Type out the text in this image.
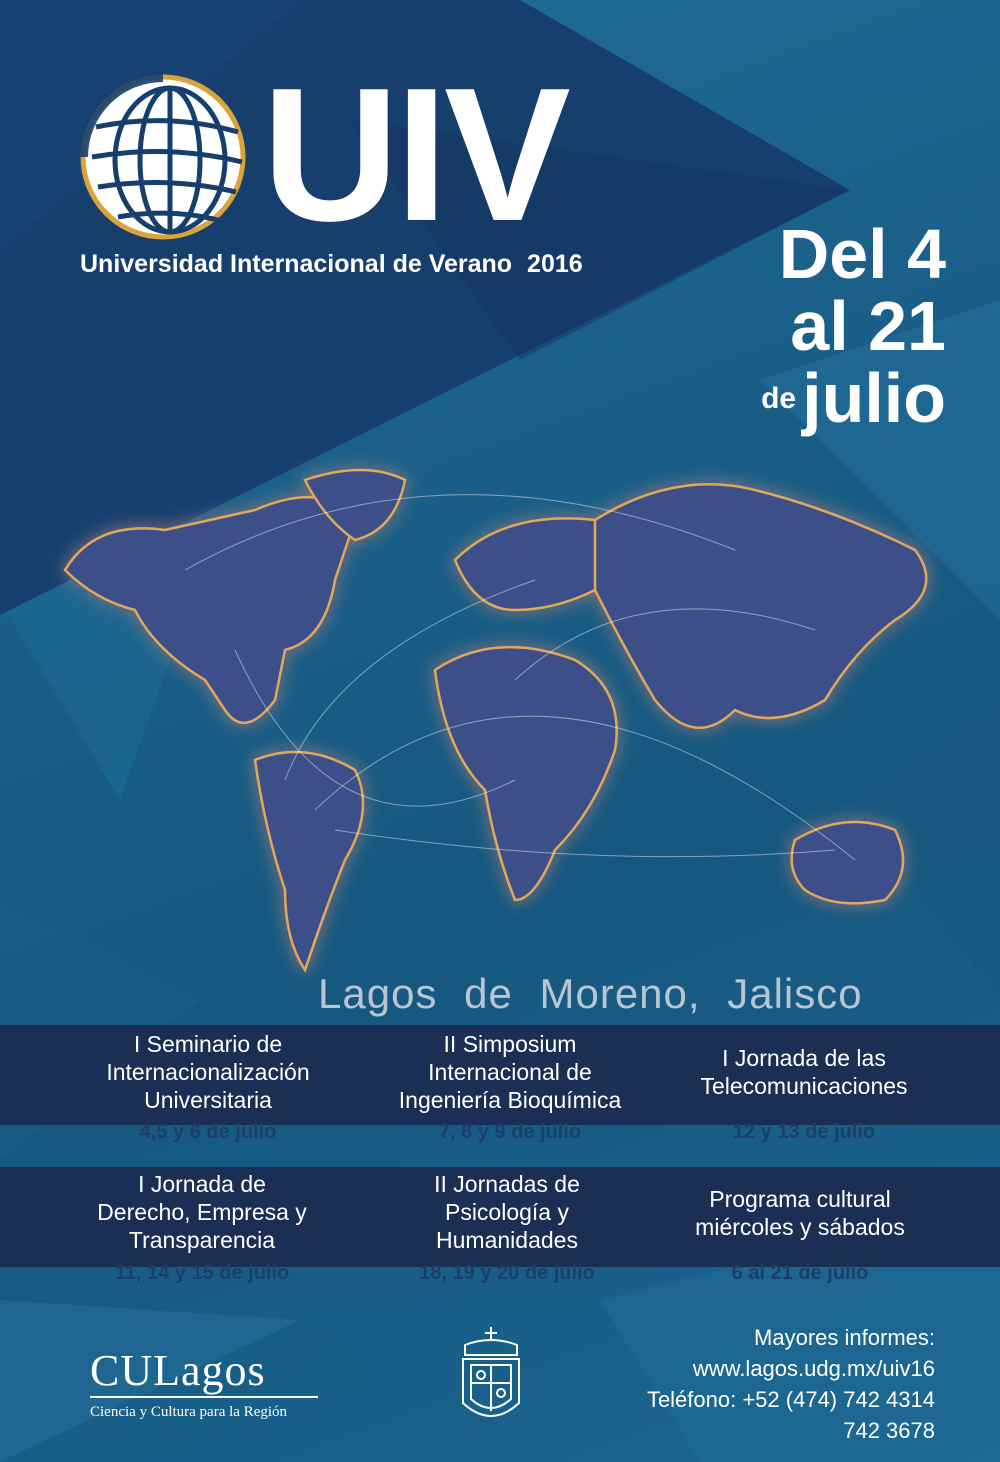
UIV
Universidad Internacional de Verano 2016	Del 4
al 21
$^{de}$julio
Lagos de Moreno, Jalisco
I Seminario de
Internacionalización
Universitaria
4,5 y 6 de julio
II Simposium
Internacional de
Ingeniería Bioquímica
7, 8 y 9 de julio
I Jornada de las
Telecomunicaciones
12 y 13 de julio
I Jornada de
Derecho, Empresa y
Transparencia
11, 14 y 15 de julio
II Jornadas de
Psicología y
Humanidades
18, 19 y 20 de julio
Programa cultural
miércoles y sábados
6 al 21 de julio
CULagos
Ciencia y Cultura para la Región
Mayores informes:
www.lagos.udg.mx/uiv16
Teléfono: +52 (474) 742 4314
742 3678
